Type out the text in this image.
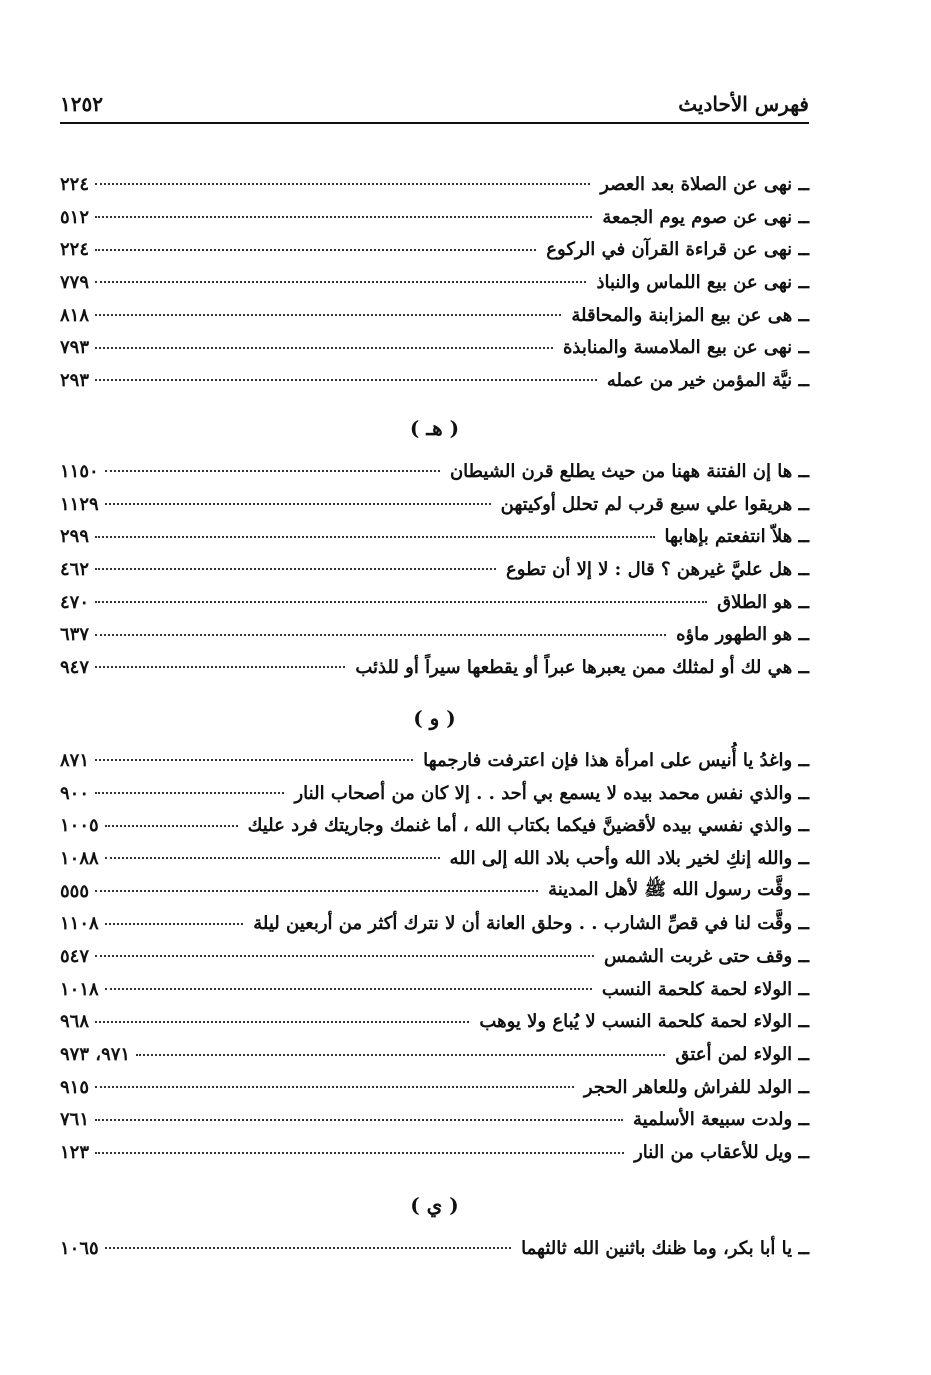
فهرس الأحاديث
١٢٥٢
ــ نهى عن الصلاة بعد العصر
٢٢٤
ــ نهى عن صوم يوم الجمعة
٥١٢
ــ نهى عن قراءة القرآن في الركوع
٢٢٤
ــ نهى عن بيع اللماس والنباذ
٧٧٩
ــ هى عن بيع المزابنة والمحاقلة
٨١٨
ــ نهى عن بيع الملامسة والمنابذة
٧٩٣
ــ نيَّة المؤمن خير من عمله
٢٩٣
( هـ )
ــ ها إن الفتنة ههنا من حيث يطلع قرن الشيطان
١١٥٠
ــ هريقوا علي سبع قرب لم تحلل أوكيتهن
١١٢٩
ــ هلاّ انتفعتم بإهابها
٢٩٩
ــ هل عليَّ غيرهن ؟ قال : لا إلا أن تطوع
٤٦٢
ــ هو الطلاق
٤٧٠
ــ هو الطهور ماؤه
٦٣٧
ــ هي لك أو لمثلك ممن يعبرها عبراً أو يقطعها سيراً أو للذئب
٩٤٧
( و )
ــ واغدُ يا أُنيس على امرأة هذا فإن اعترفت فارجمها
٨٧١
ــ والذي نفس محمد بيده لا يسمع بي أحد . . إلا كان من أصحاب النار
٩٠٠
ــ والذي نفسي بيده لأقضينَّ فيكما بكتاب الله ، أما غنمك وجاريتك فرد عليك
١٠٠٥
ــ والله إنكِ لخير بلاد الله وأحب بلاد الله إلى الله
١٠٨٨
ــ وقَّت رسول الله ﷺ لأهل المدينة
٥٥٥
ــ وقَّت لنا في قصِّ الشارب . . وحلق العانة أن لا نترك أكثر من أربعين ليلة
١١٠٨
ــ وقف حتى غربت الشمس
٥٤٧
ــ الولاء لحمة كلحمة النسب
١٠١٨
ــ الولاء لحمة كلحمة النسب لا يُباع ولا يوهب
٩٦٨
ــ الولاء لمن أعتق
٩٧١، ٩٧٣
ــ الولد للفراش وللعاهر الحجر
٩١٥
ــ ولدت سبيعة الأسلمية
٧٦١
ــ ويل للأعقاب من النار
١٢٣
( ي )
ــ يا أبا بكر، وما ظنك باثنين الله ثالثهما
١٠٦٥
